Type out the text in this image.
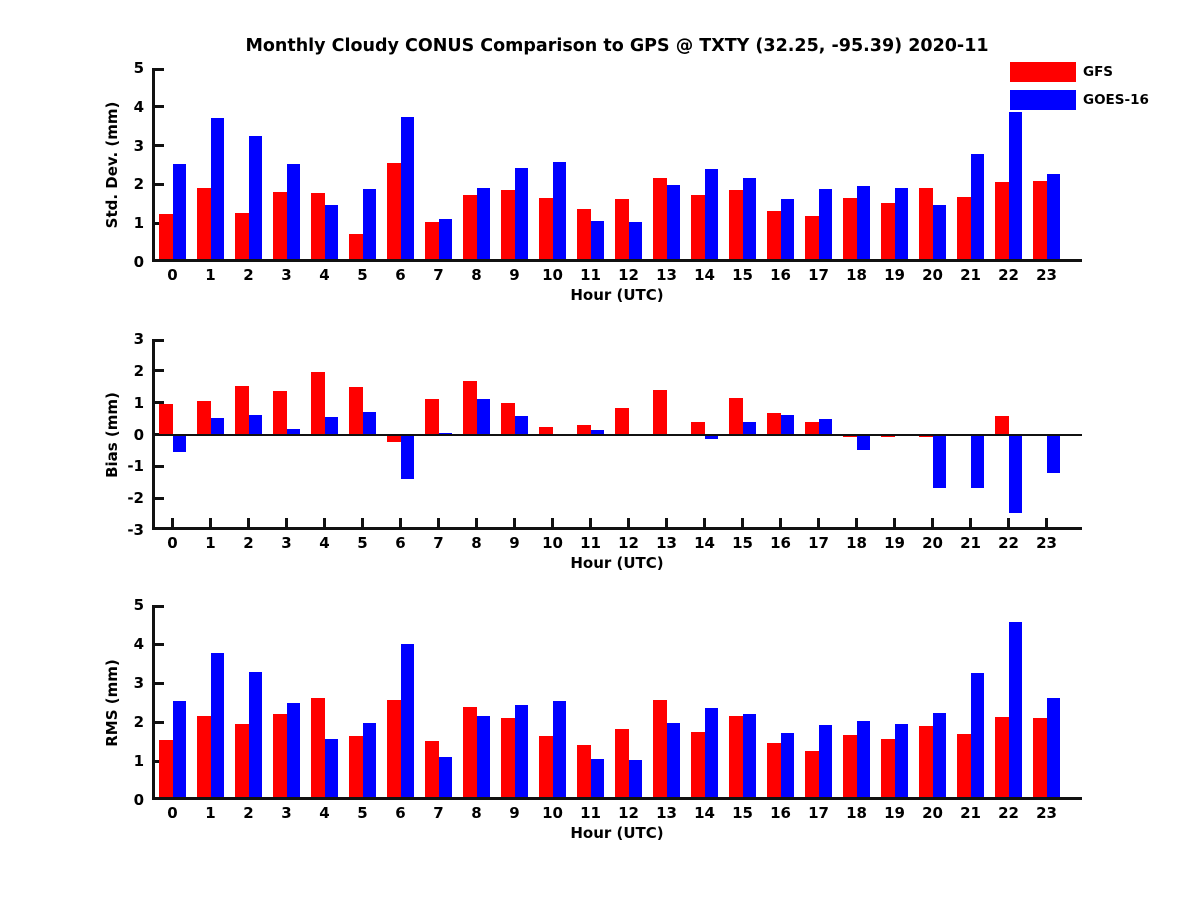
Monthly Cloudy CONUS Comparison to GPS @ TXTY (32.25, -95.39) 2020-11
0
1
2
3
4
5
0	1	2	3	4	5	6	7	8	9	10	11	12	13	14	15	16	17	18	19	20	21	22	23
Std. Dev. (mm)
Hour (UTC)
-3
-2
-1
0
1
2
3
0	1	2	3	4	5	6	7	8	9	10	11	12	13	14	15	16	17	18	19	20	21	22	23
Bias (mm)
Hour (UTC)
0
1
2
3
4
5
0	1	2	3	4	5	6	7	8	9	10	11	12	13	14	15	16	17	18	19	20	21	22	23
RMS (mm)
Hour (UTC)
GFS
GOES-16
